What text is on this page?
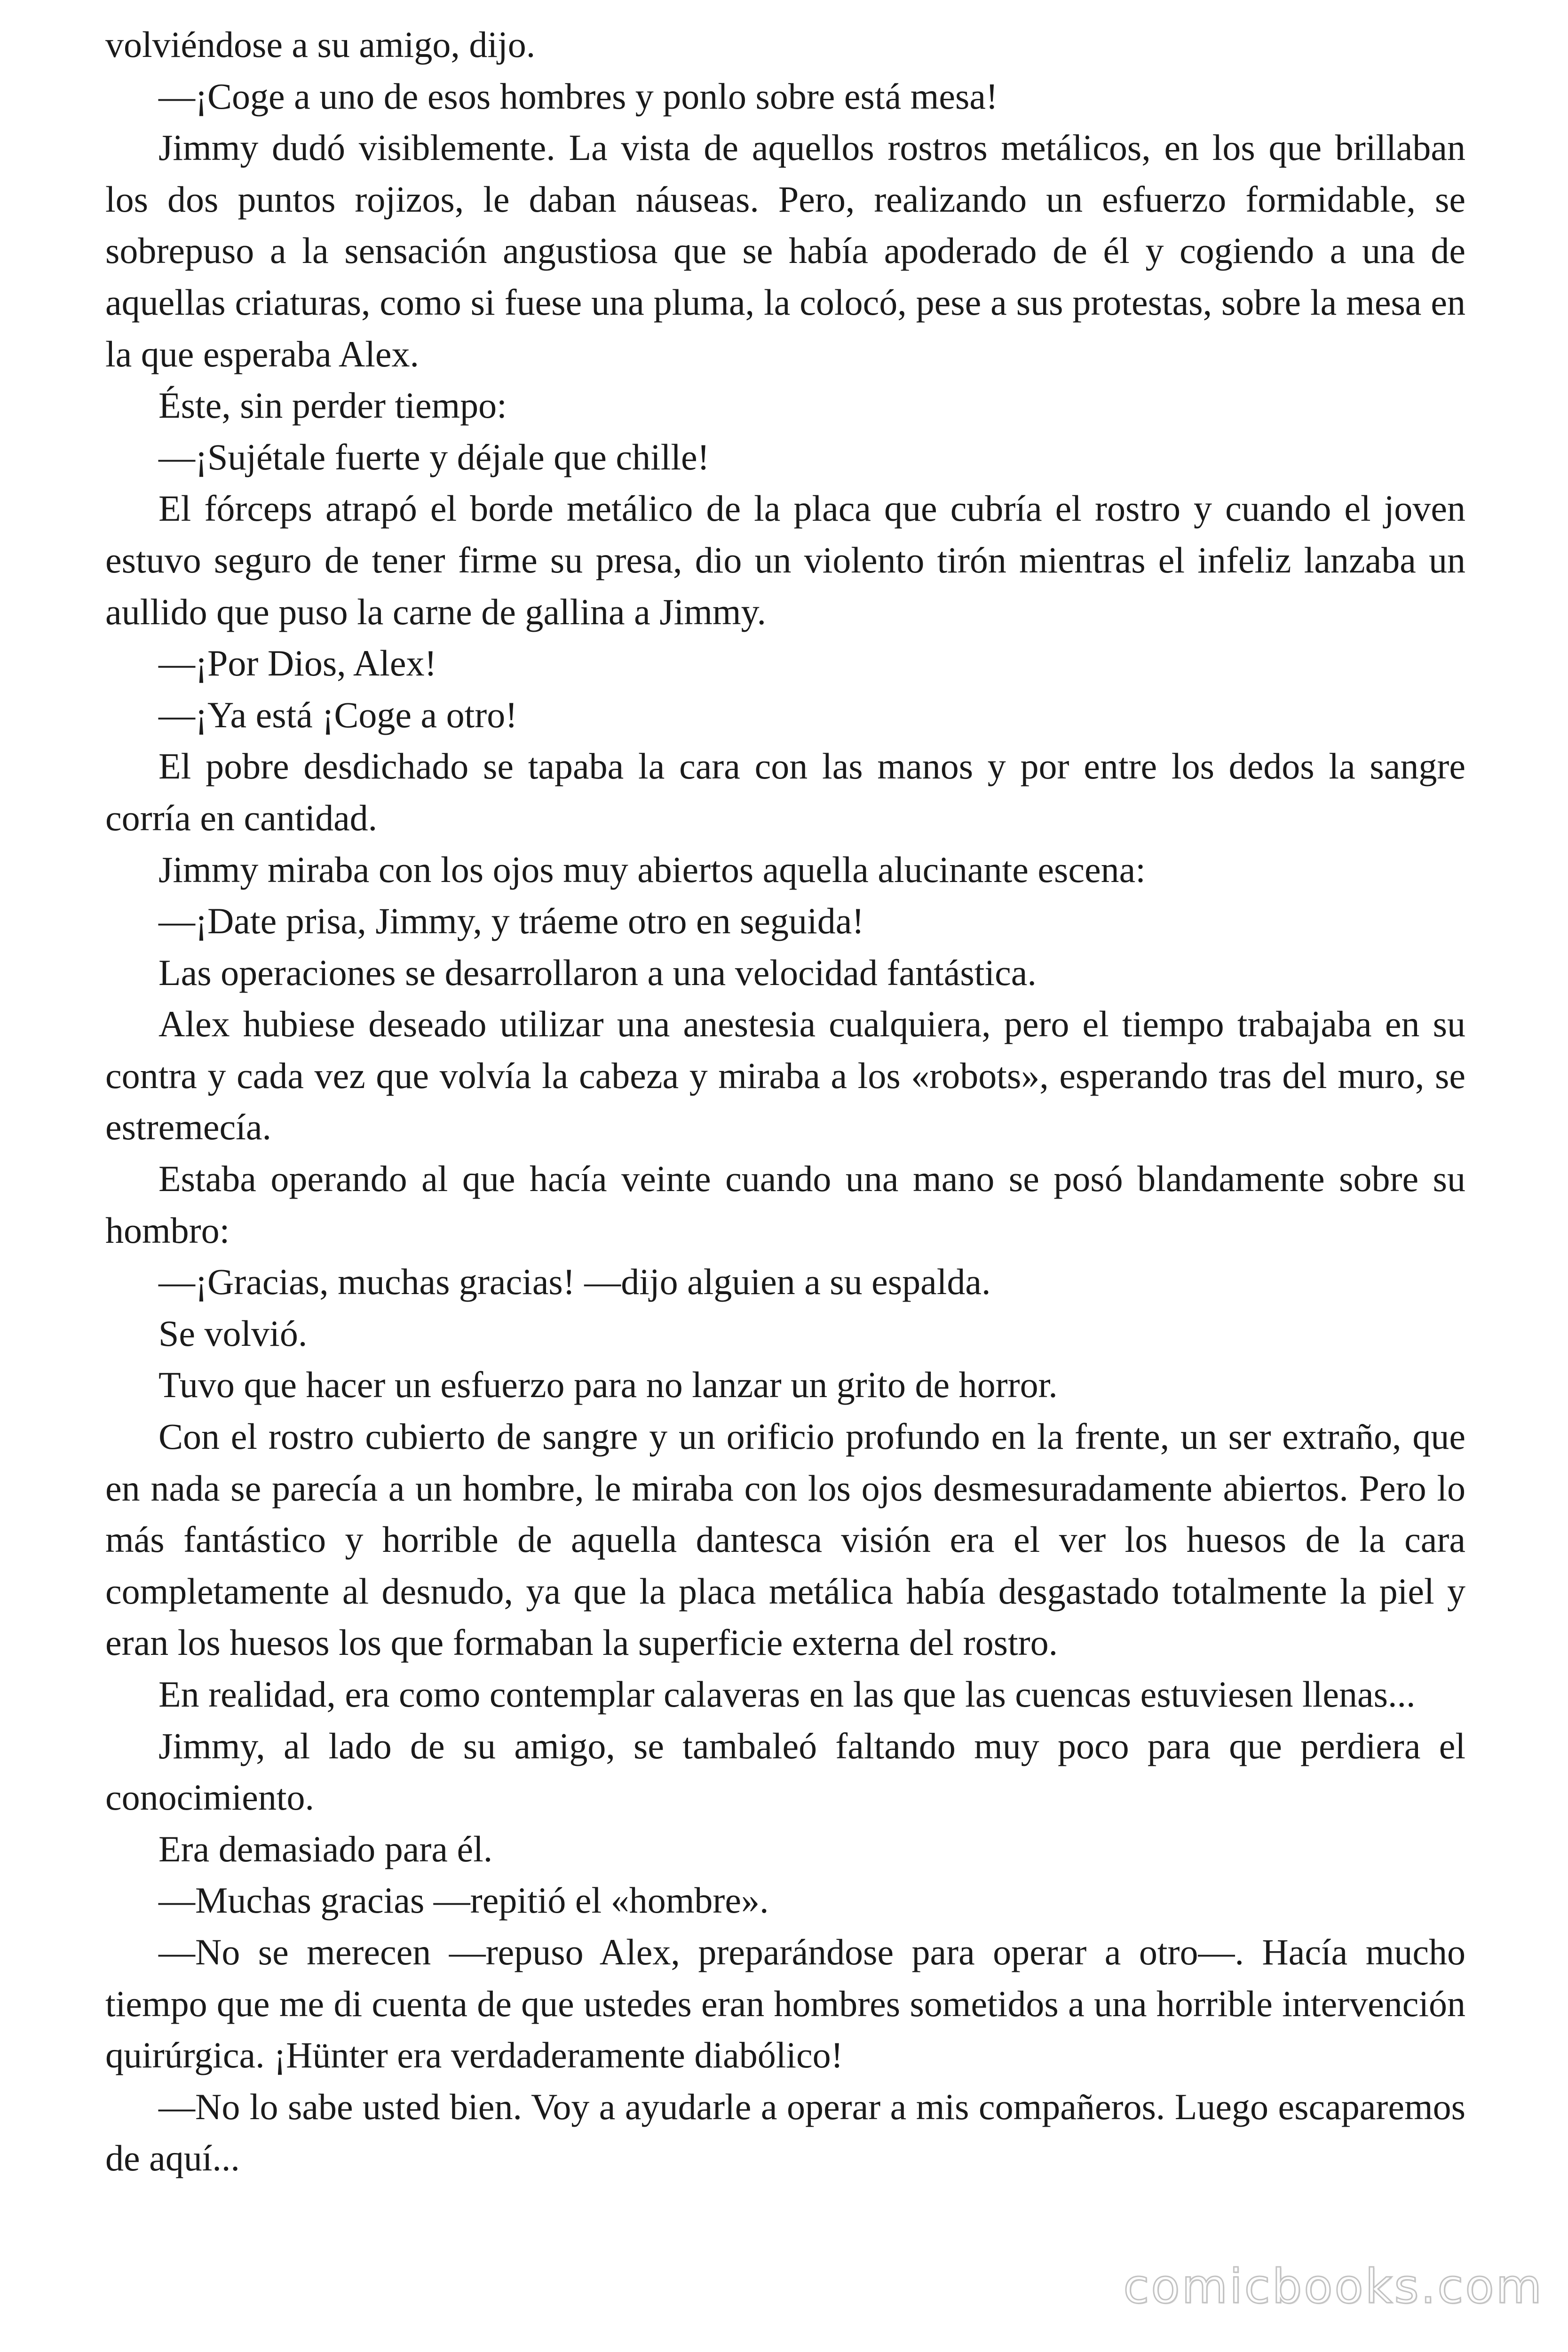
volviéndose a su amigo, dijo.

—¡Coge a uno de esos hombres y ponlo sobre está mesa!

Jimmy dudó visiblemente. La vista de aquellos rostros metálicos, en los que brillaban los dos puntos rojizos, le daban náuseas. Pero, realizando un esfuerzo formidable, se sobrepuso a la sensación angustiosa que se había apoderado de él y cogiendo a una de aquellas criaturas, como si fuese una pluma, la colocó, pese a sus protestas, sobre la mesa en la que esperaba Alex.

Éste, sin perder tiempo:

—¡Sujétale fuerte y déjale que chille!

El fórceps atrapó el borde metálico de la placa que cubría el rostro y cuando el joven estuvo seguro de tener firme su presa, dio un violento tirón mientras el infeliz lanzaba un aullido que puso la carne de gallina a Jimmy.

—¡Por Dios, Alex!

—¡Ya está ¡Coge a otro!

El pobre desdichado se tapaba la cara con las manos y por entre los dedos la sangre corría en cantidad.

Jimmy miraba con los ojos muy abiertos aquella alucinante escena:

—¡Date prisa, Jimmy, y tráeme otro en seguida!

Las operaciones se desarrollaron a una velocidad fantástica.

Alex hubiese deseado utilizar una anestesia cualquiera, pero el tiempo trabajaba en su contra y cada vez que volvía la cabeza y miraba a los «robots», esperando tras del muro, se estremecía.

Estaba operando al que hacía veinte cuando una mano se posó blandamente sobre su hombro:

—¡Gracias, muchas gracias! —dijo alguien a su espalda.

Se volvió.

Tuvo que hacer un esfuerzo para no lanzar un grito de horror.

Con el rostro cubierto de sangre y un orificio profundo en la frente, un ser extraño, que en nada se parecía a un hombre, le miraba con los ojos desmesuradamente abiertos. Pero lo más fantástico y horrible de aquella dantesca visión era el ver los huesos de la cara completamente al desnudo, ya que la placa metálica había desgastado totalmente la piel y eran los huesos los que formaban la superficie externa del rostro.

En realidad, era como contemplar calaveras en las que las cuencas estuviesen llenas...

Jimmy, al lado de su amigo, se tambaleó faltando muy poco para que perdiera el conocimiento.

Era demasiado para él.

—Muchas gracias —repitió el «hombre».

—No se merecen —repuso Alex, preparándose para operar a otro—. Hacía mucho tiempo que me di cuenta de que ustedes eran hombres sometidos a una horrible intervención quirúrgica. ¡Hünter era verdaderamente diabólico!

—No lo sabe usted bien. Voy a ayudarle a operar a mis compañeros. Luego escaparemos de aquí...

comicbooks.com
